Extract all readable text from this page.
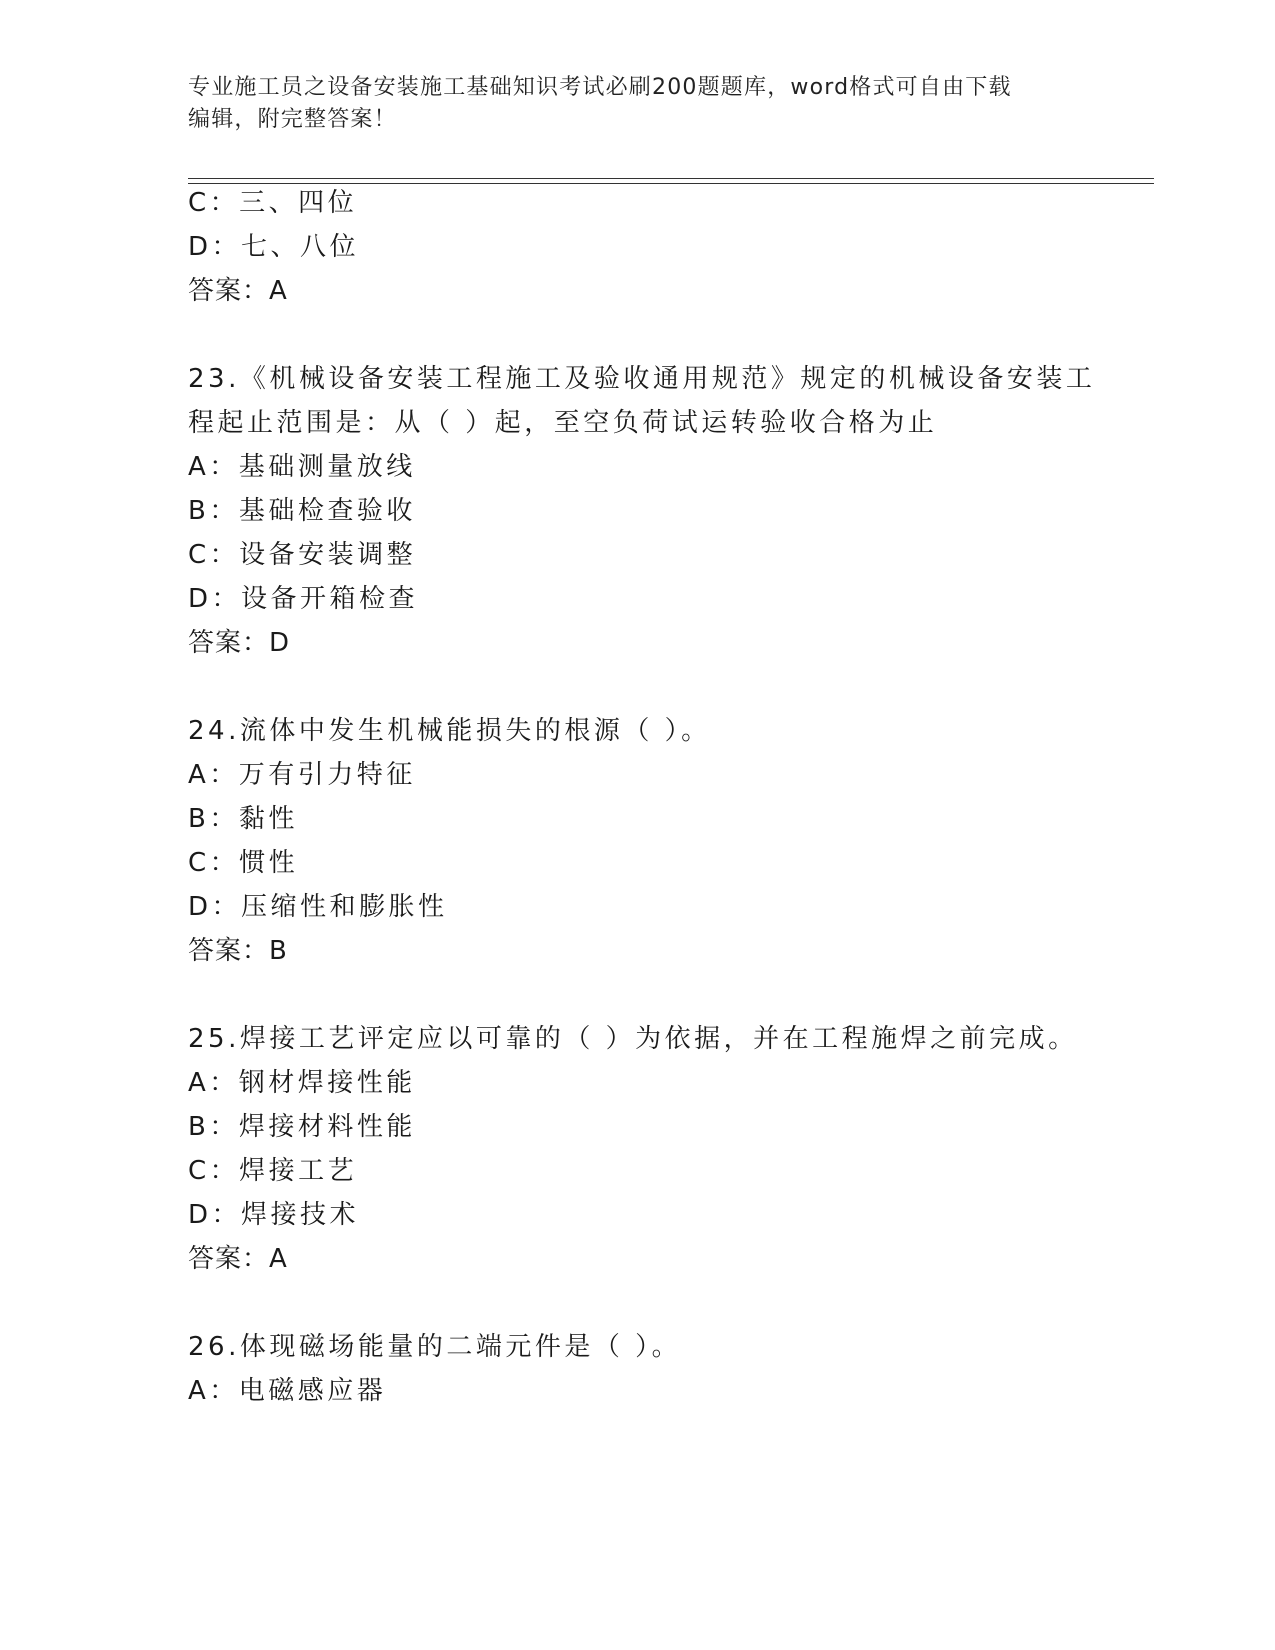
专业施工员之设备安装施工基础知识考试必刷200题题库，word格式可自由下载
编辑，附完整答案！
C：三、四位
D：七、八位
答案：A
23.《机械设备安装工程施工及验收通用规范》规定的机械设备安装工
程起止范围是：从（ ）起，至空负荷试运转验收合格为止
A：基础测量放线
B：基础检查验收
C：设备安装调整
D：设备开箱检查
答案：D
24.流体中发生机械能损失的根源（ ）。
A：万有引力特征
B：黏性
C：惯性
D：压缩性和膨胀性
答案：B
25.焊接工艺评定应以可靠的（ ）为依据，并在工程施焊之前完成。
A：钢材焊接性能
B：焊接材料性能
C：焊接工艺
D：焊接技术
答案：A
26.体现磁场能量的二端元件是（ ）。
A：电磁感应器
